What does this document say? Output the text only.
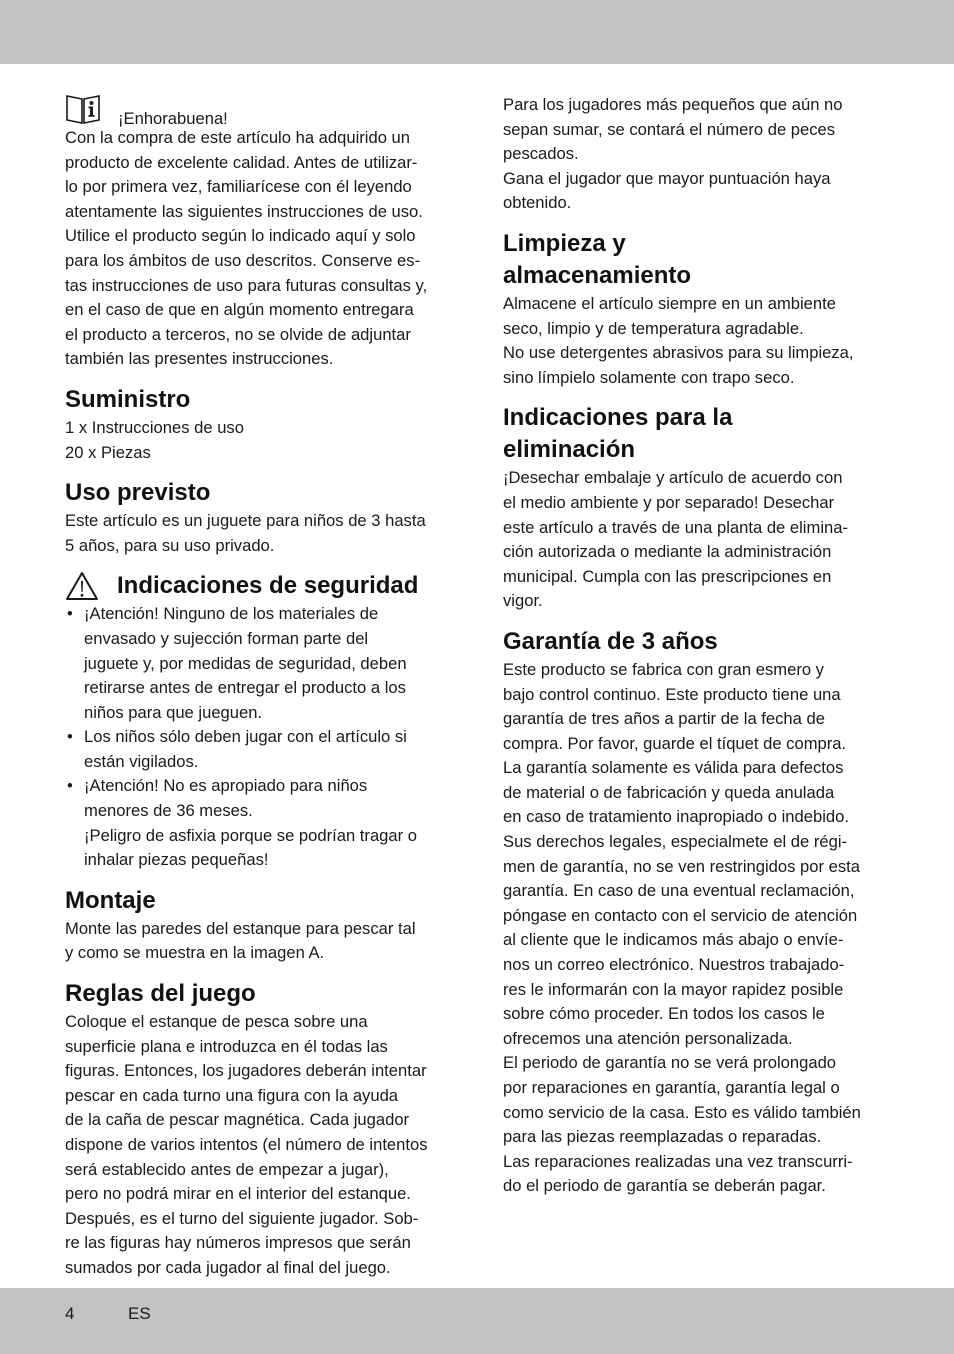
¡Enhorabuena!

Con la compra de este artículo ha adquirido un

producto de excelente calidad. Antes de utilizar-

lo por primera vez, familiarícese con él leyendo

atentamente las siguientes instrucciones de uso.

Utilice el producto según lo indicado aquí y solo

para los ámbitos de uso descritos. Conserve es-

tas instrucciones de uso para futuras consultas y,

en el caso de que en algún momento entregara

el producto a terceros, no se olvide de adjuntar

también las presentes instrucciones.

Suministro

1 x Instrucciones de uso

20 x Piezas

Uso previsto

Este artículo es un juguete para niños de 3 hasta

5 años, para su uso privado.

Indicaciones de seguridad
• ¡Atención! Ninguno de los materiales de
envasado y sujección forman parte del
juguete y, por medidas de seguridad, deben
retirarse antes de entregar el producto a los
niños para que jueguen.
• Los niños sólo deben jugar con el artículo si
están vigilados.
• ¡Atención! No es apropiado para niños
menores de 36 meses.

¡Peligro de asfixia porque se podrían tragar o

inhalar piezas pequeñas!

Montaje

Monte las paredes del estanque para pescar tal

y como se muestra en la imagen A.

Reglas del juego

Coloque el estanque de pesca sobre una

superficie plana e introduzca en él todas las

figuras. Entonces, los jugadores deberán intentar

pescar en cada turno una figura con la ayuda

de la caña de pescar magnética. Cada jugador

dispone de varios intentos (el número de intentos

será establecido antes de empezar a jugar),

pero no podrá mirar en el interior del estanque.

Después, es el turno del siguiente jugador. Sob-

re las figuras hay números impresos que serán

sumados por cada jugador al final del juego.

Para los jugadores más pequeños que aún no

sepan sumar, se contará el número de peces

pescados.

Gana el jugador que mayor puntuación haya

obtenido.

Limpieza y
almacenamiento

Almacene el artículo siempre en un ambiente

seco, limpio y de temperatura agradable.

No use detergentes abrasivos para su limpieza,

sino límpielo solamente con trapo seco.

Indicaciones para la
eliminación

¡Desechar embalaje y artículo de acuerdo con

el medio ambiente y por separado! Desechar

este artículo a través de una planta de elimina-

ción autorizada o mediante la administración

municipal. Cumpla con las prescripciones en

vigor.

Garantía de 3 años

Este producto se fabrica con gran esmero y

bajo control continuo. Este producto tiene una

garantía de tres años a partir de la fecha de

compra. Por favor, guarde el tíquet de compra.

La garantía solamente es válida para defectos

de material o de fabricación y queda anulada

en caso de tratamiento inapropiado o indebido.

Sus derechos legales, especialmete el de régi-

men de garantía, no se ven restringidos por esta

garantía. En caso de una eventual reclamación,

póngase en contacto con el servicio de atención

al cliente que le indicamos más abajo o envíe-

nos un correo electrónico. Nuestros trabajado-

res le informarán con la mayor rapidez posible

sobre cómo proceder. En todos los casos le

ofrecemos una atención personalizada.

El periodo de garantía no se verá prolongado

por reparaciones en garantía, garantía legal o

como servicio de la casa. Esto es válido también

para las piezas reemplazadas o reparadas.

Las reparaciones realizadas una vez transcurri-

do el periodo de garantía se deberán pagar.

4	ES
